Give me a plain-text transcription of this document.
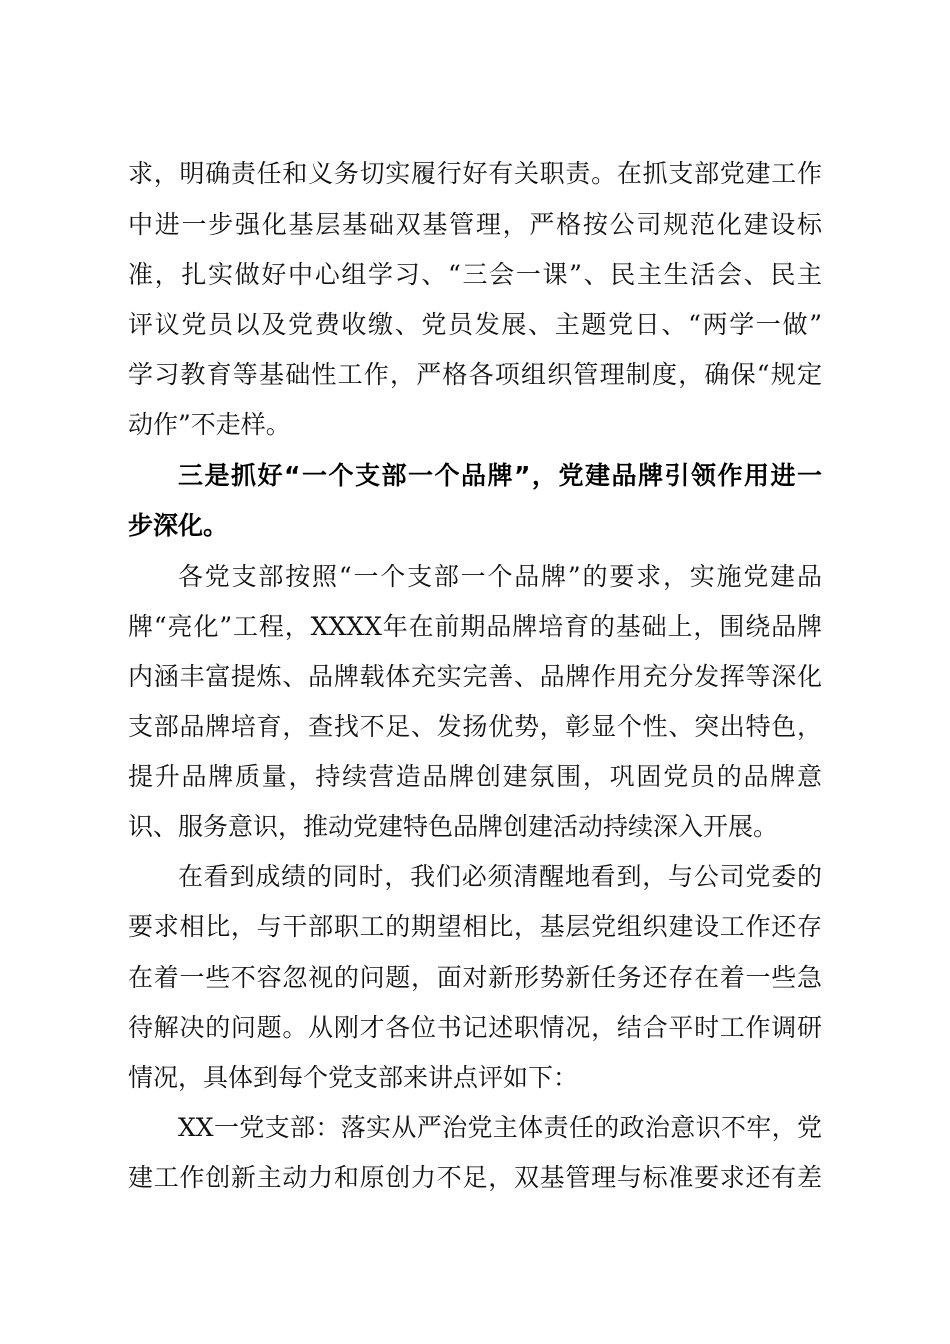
求，明确责任和义务切实履行好有关职责。在抓支部党建工作

中进一步强化基层基础双基管理，严格按公司规范化建设标

准，扎实做好中心组学习、“三会一课”、民主生活会、民主

评议党员以及党费收缴、党员发展、主题党日、“两学一做”

学习教育等基础性工作，严格各项组织管理制度，确保“规定

动作”不走样。

三是抓好“一个支部一个品牌”，党建品牌引领作用进一

步深化。

各党支部按照“一个支部一个品牌”的要求，实施党建品

牌“亮化”工程，XXXX年在前期品牌培育的基础上，围绕品牌

内涵丰富提炼、品牌载体充实完善、品牌作用充分发挥等深化

支部品牌培育，查找不足、发扬优势，彰显个性、突出特色，

提升品牌质量，持续营造品牌创建氛围，巩固党员的品牌意

识、服务意识，推动党建特色品牌创建活动持续深入开展。

在看到成绩的同时，我们必须清醒地看到，与公司党委的

要求相比，与干部职工的期望相比，基层党组织建设工作还存

在着一些不容忽视的问题，面对新形势新任务还存在着一些急

待解决的问题。从刚才各位书记述职情况，结合平时工作调研

情况，具体到每个党支部来讲点评如下：

XX一党支部：落实从严治党主体责任的政治意识不牢，党

建工作创新主动力和原创力不足，双基管理与标准要求还有差
